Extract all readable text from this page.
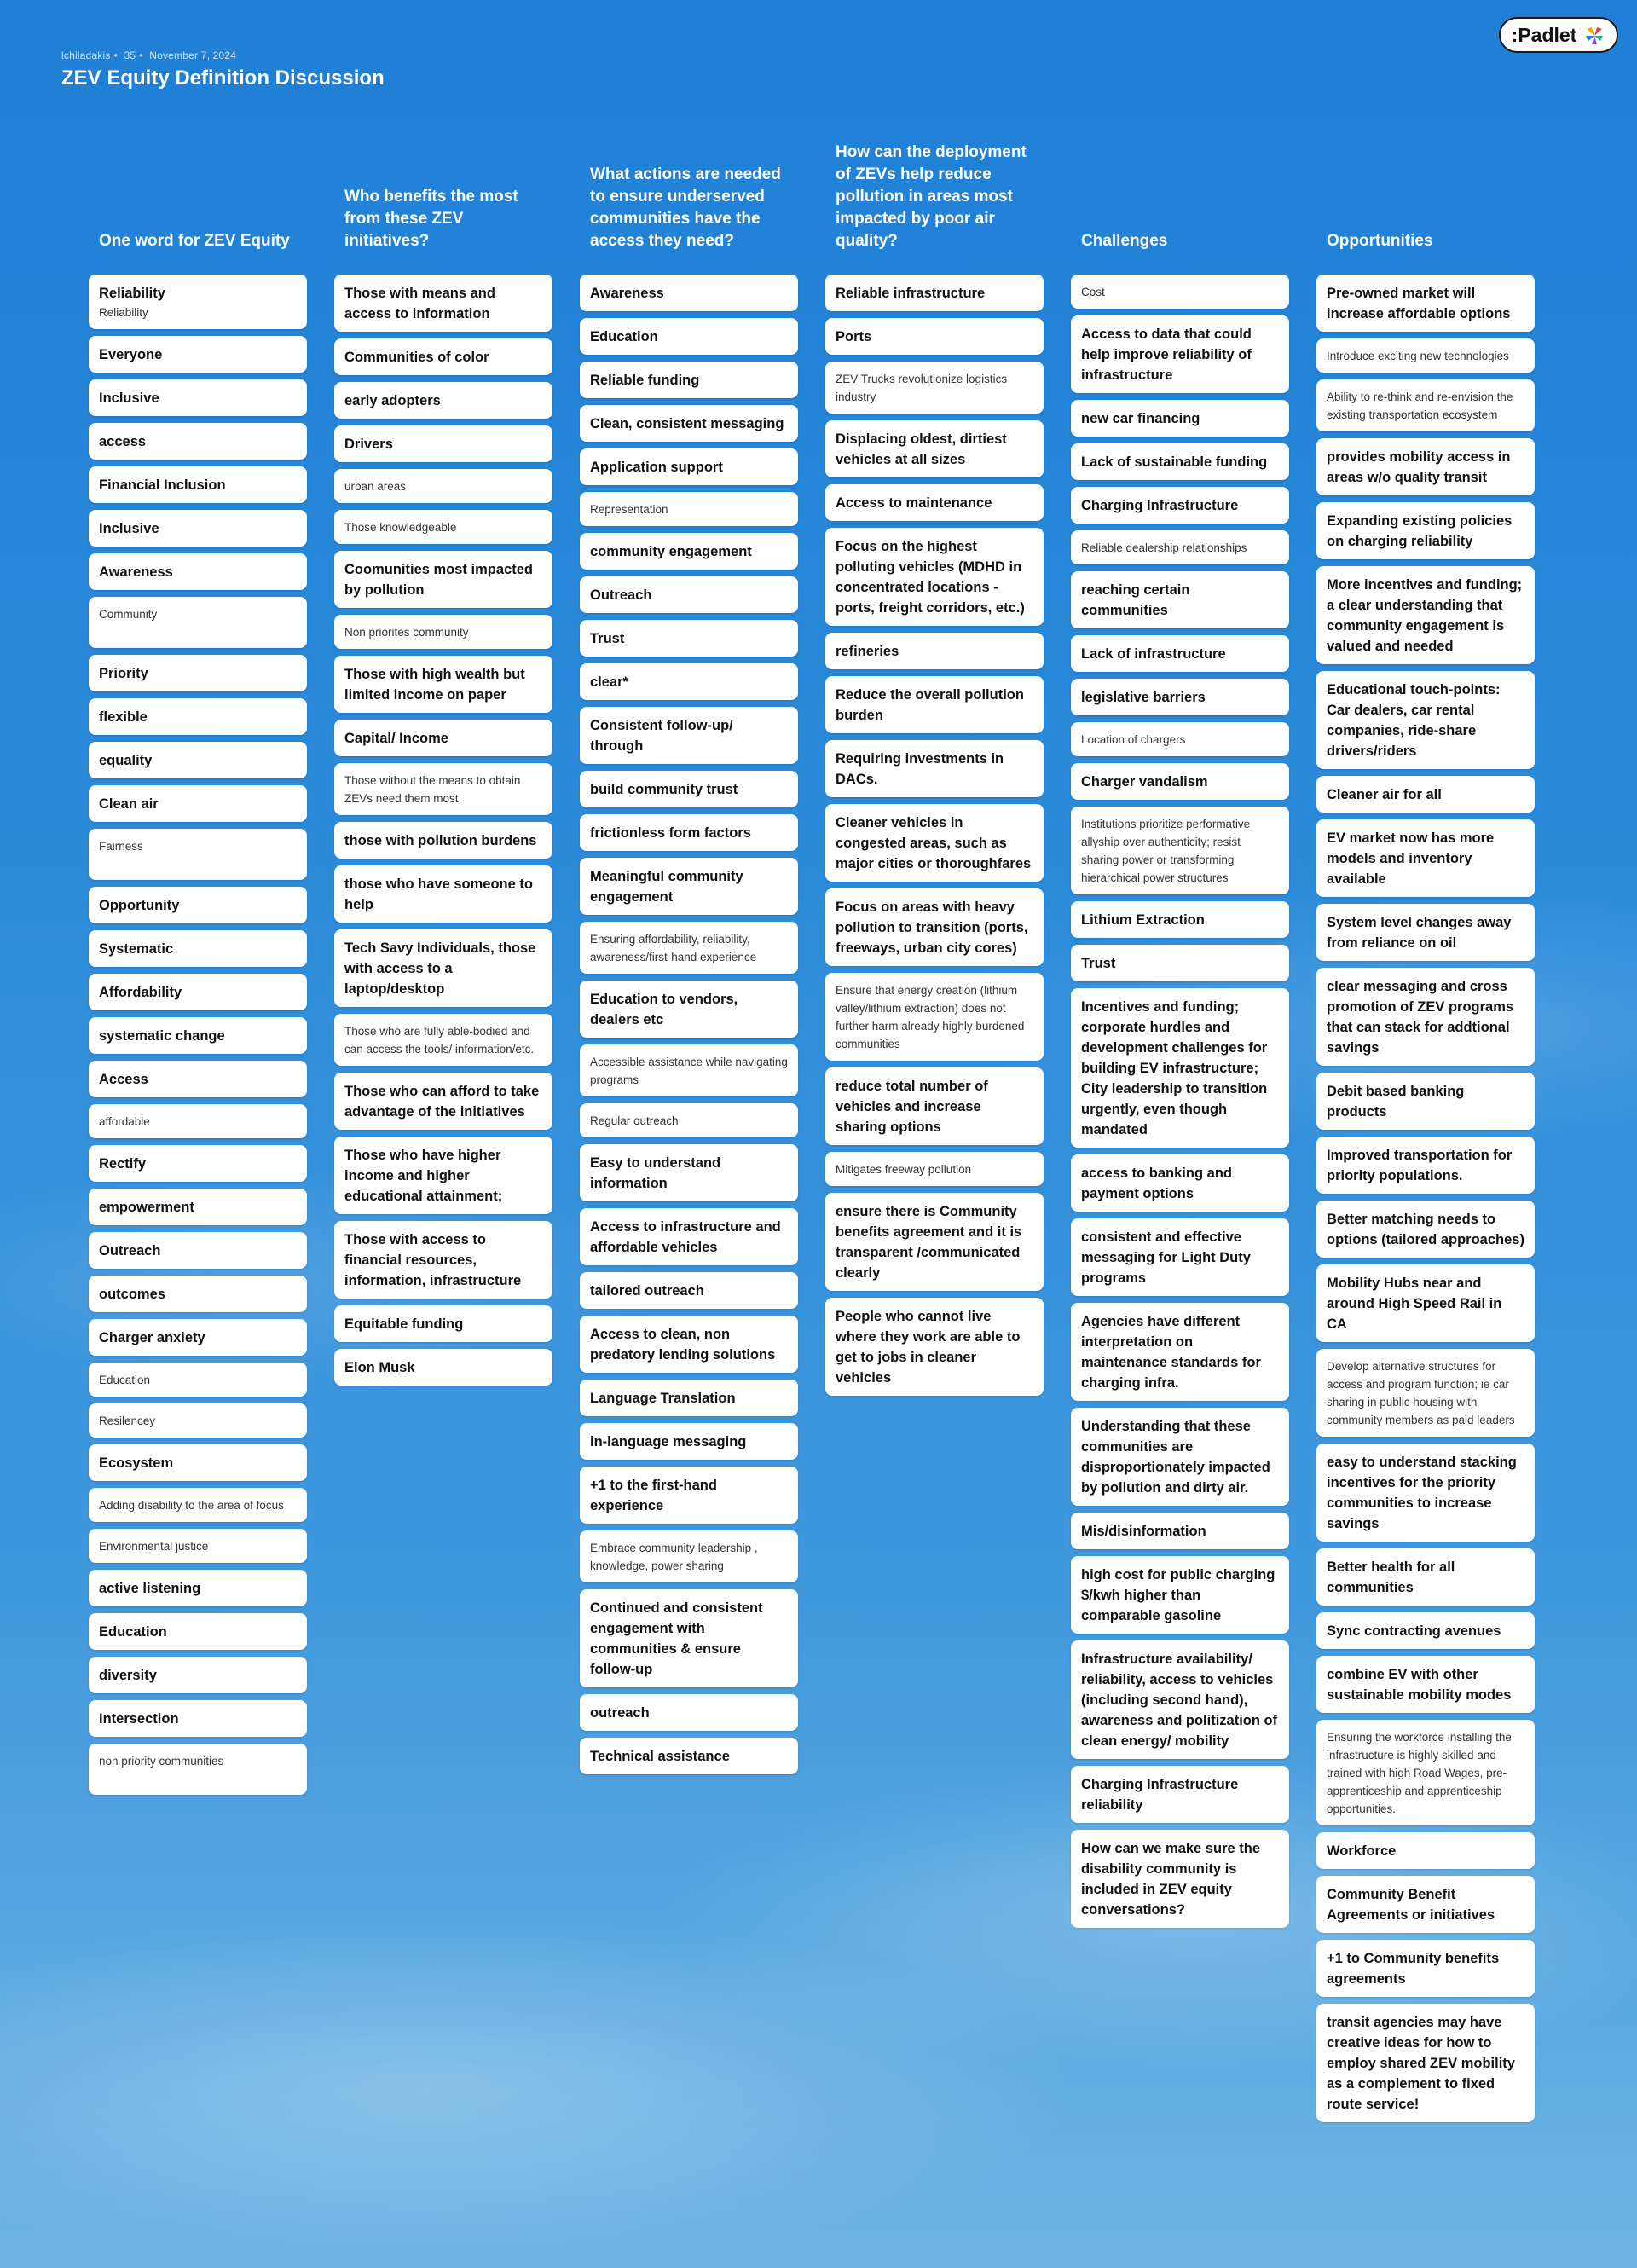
lchiladakis • 35 • November 7, 2024
ZEV Equity Definition Discussion
:Padlet
One word for ZEV Equity
Reliability
Reliability
Everyone
Inclusive
access
Financial Inclusion
Inclusive
Awareness
Community
Priority
flexible
equality
Clean air
Fairness
Opportunity
Systematic
Affordability
systematic change
Access
affordable
Rectify
empowerment
Outreach
outcomes
Charger anxiety
Education
Resilencey
Ecosystem
Adding disability to the area of focus
Environmental justice
active listening
Education
diversity
Intersection
non priority communities
Who benefits the most from these ZEV initiatives?
Those with means and access to information
Communities of color
early adopters
Drivers
urban areas
Those knowledgeable
Coomunities most impacted by pollution
Non priorites community
Those with high wealth but limited income on paper
Capital/ Income
Those without the means to obtain
ZEVs need them most
those with pollution burdens
those who have someone to help
Tech Savy Individuals, those with access to a laptop/desktop
Those who are fully able-bodied and can access the tools/ information/etc.
Those who can afford to take advantage of the initiatives
Those who have higher income and higher educational attainment;
Those with access to financial resources, information, infrastructure
Equitable funding
Elon Musk
What actions are needed to ensure underserved communities have the access they need?
Awareness
Education
Reliable funding
Clean, consistent messaging
Application support
Representation
community engagement
Outreach
Trust
clear*
Consistent follow-up/ through
build community trust
frictionless form factors
Meaningful community engagement
Ensuring affordability, reliability, awareness/first-hand experience
Education to vendors, dealers etc
Accessible assistance while navigating programs
Regular outreach
Easy to understand information
Access to infrastructure and affordable vehicles
tailored outreach
Access to clean, non predatory lending solutions
Language Translation
in-language messaging
+1 to the first-hand experience
Embrace community leadership , knowledge, power sharing
Continued and consistent engagement with communities & ensure follow-up
outreach
Technical assistance
How can the deployment of ZEVs help reduce pollution in areas most impacted by poor air quality?
Reliable infrastructure
Ports
ZEV Trucks revolutionize logistics industry
Displacing oldest, dirtiest vehicles at all sizes
Access to maintenance
Focus on the highest polluting vehicles (MDHD in concentrated locations - ports, freight corridors, etc.)
refineries
Reduce the overall pollution burden
Requiring investments in DACs.
Cleaner vehicles in congested areas, such as major cities or thoroughfares
Focus on areas with heavy pollution to transition (ports, freeways, urban city cores)
Ensure that energy creation (lithium valley/lithium extraction) does not further harm already highly burdened communities
reduce total number of vehicles and increase sharing options
Mitigates freeway pollution
ensure there is Community benefits agreement and it is transparent /communicated clearly
People who cannot live where they work are able to get to jobs in cleaner vehicles
Challenges
Cost
Access to data that could help improve reliability of infrastructure
new car financing
Lack of sustainable funding
Charging Infrastructure
Reliable dealership relationships
reaching certain communities
Lack of infrastructure
legislative barriers
Location of chargers
Charger vandalism
Institutions prioritize performative allyship over authenticity; resist sharing power or transforming hierarchical power structures
Lithium Extraction
Trust
Incentives and funding; corporate hurdles and development challenges for building EV infrastructure; City leadership to transition urgently, even though mandated
access to banking and payment options
consistent and effective messaging for Light Duty programs
Agencies have different interpretation on maintenance standards for charging infra.
Understanding that these communities are disproportionately impacted by pollution and dirty air.
Mis/disinformation
high cost for public charging $/kwh higher than comparable gasoline
Infrastructure availability/ reliability, access to vehicles (including second hand), awareness and politization of clean energy/ mobility
Charging Infrastructure reliability
How can we make sure the disability community is included in ZEV equity conversations?
Opportunities
Pre-owned market will increase affordable options
Introduce exciting new technologies
Ability to re-think and re-envision the existing transportation ecosystem
provides mobility access in areas w/o quality transit
Expanding existing policies on charging reliability
More incentives and funding; a clear understanding that community engagement is valued and needed
Educational touch-points: Car dealers, car rental companies, ride-share drivers/riders
Cleaner air for all
EV market now has more models and inventory available
System level changes away from reliance on oil
clear messaging and cross promotion of ZEV programs that can stack for addtional savings
Debit based banking products
Improved transportation for priority populations.
Better matching needs to options (tailored approaches)
Mobility Hubs near and around High Speed Rail in CA
Develop alternative structures for access and program function; ie car sharing in public housing with community members as paid leaders
easy to understand stacking incentives for the priority communities to increase savings
Better health for all communities
Sync contracting avenues
combine EV with other sustainable mobility modes
Ensuring the workforce installing the infrastructure is highly skilled and trained with high Road Wages, pre-apprenticeship and apprenticeship opportunities.
Workforce
Community Benefit Agreements or initiatives
+1 to Community benefits agreements
transit agencies may have creative ideas for how to employ shared ZEV mobility as a complement to fixed route service!
